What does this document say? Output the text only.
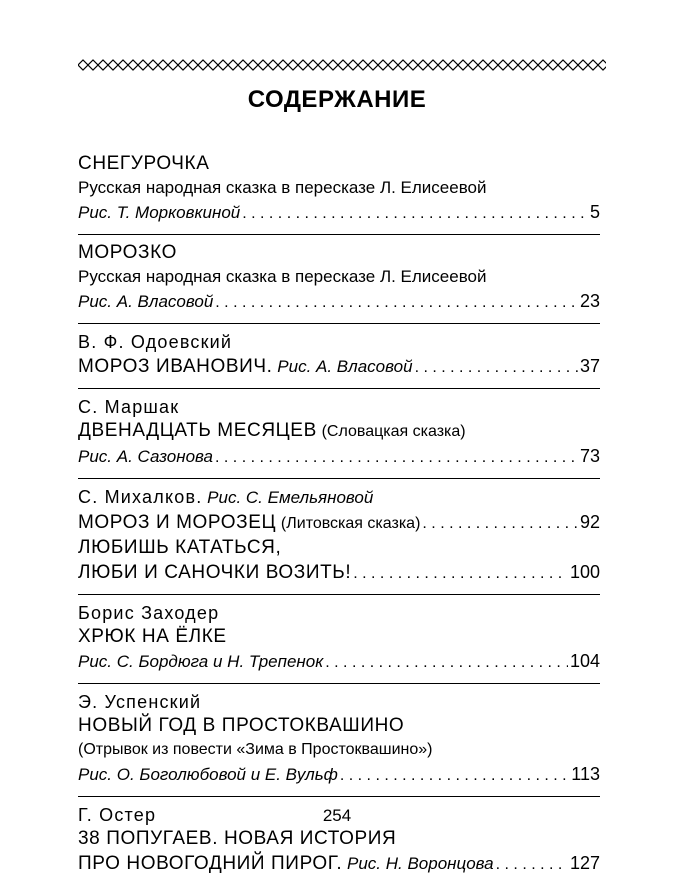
СОДЕРЖАНИЕ
СНЕГУРОЧКА
Русская народная сказка в пересказе Л. Елисеевой
Рис. Т. Морковкиной . . .	5
МОРОЗКО
Русская народная сказка в пересказе Л. Елисеевой
Рис. А. Власовой . . .	23
В. Ф. Одоевский
МОРОЗ ИВАНОВИЧ. Рис. А. Власовой . . .	37
С. Маршак
ДВЕНАДЦАТЬ МЕСЯЦЕВ (Словацкая сказка)
Рис. А. Сазонова . . .	73
С. Михалков. Рис. С. Емельяновой
МОРОЗ И МОРОЗЕЦ (Литовская сказка) . . .	92
ЛЮБИШЬ КАТАТЬСЯ,
ЛЮБИ И САНОЧКИ ВОЗИТЬ! . . .	100
Борис Заходер
ХРЮК НА ЁЛКЕ
Рис. С. Бордюга и Н. Трепенок . . .	104
Э. Успенский
НОВЫЙ ГОД В ПРОСТОКВАШИНО
(Отрывок из повести «Зима в Простоквашино»)
Рис. О. Боголюбовой и Е. Вульф . . .	113
Г. Остер
38 ПОПУГАЕВ. НОВАЯ ИСТОРИЯ
ПРО НОВОГОДНИЙ ПИРОГ. Рис. Н. Воронцова . . .	127
254
